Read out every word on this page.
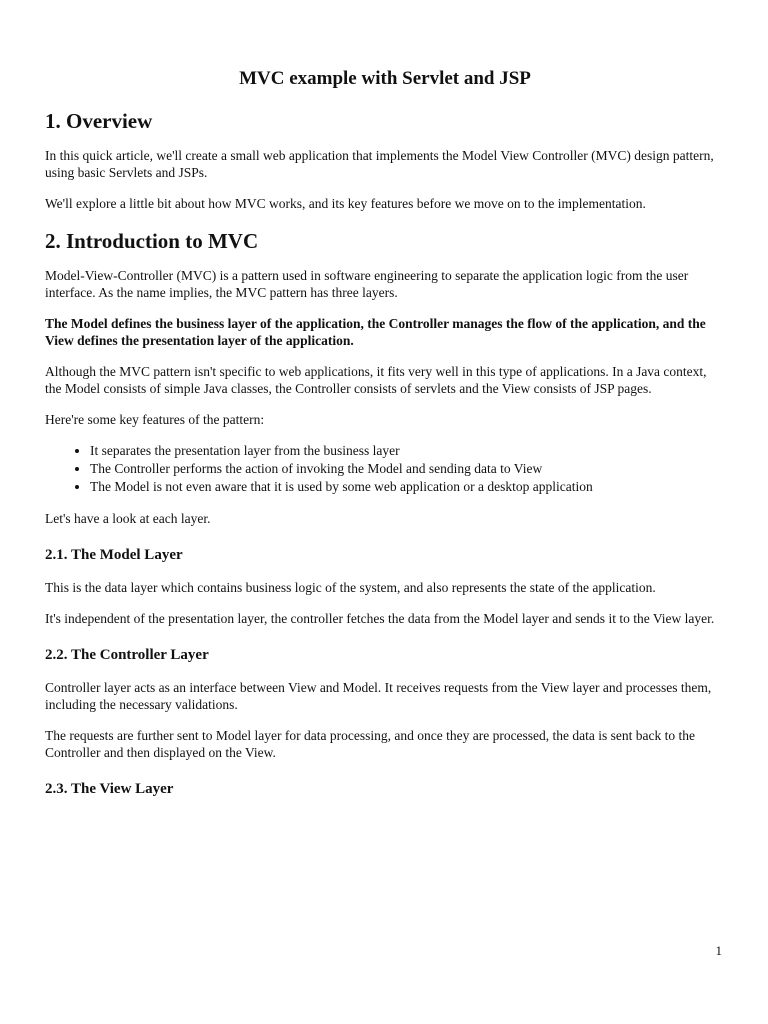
MVC example with Servlet and JSP
1. Overview

In this quick article, we'll create a small web application that implements the Model View Controller (MVC) design pattern, using basic Servlets and JSPs.

We'll explore a little bit about how MVC works, and its key features before we move on to the implementation.

2. Introduction to MVC

Model-View-Controller (MVC) is a pattern used in software engineering to separate the application logic from the user interface. As the name implies, the MVC pattern has three layers.

The Model defines the business layer of the application, the Controller manages the flow of the application, and the View defines the presentation layer of the application.

Although the MVC pattern isn't specific to web applications, it fits very well in this type of applications. In a Java context, the Model consists of simple Java classes, the Controller consists of servlets and the View consists of JSP pages.

Here're some key features of the pattern:

• It separates the presentation layer from the business layer
• The Controller performs the action of invoking the Model and sending data to View
• The Model is not even aware that it is used by some web application or a desktop application

Let's have a look at each layer.

2.1. The Model Layer

This is the data layer which contains business logic of the system, and also represents the state of the application.

It's independent of the presentation layer, the controller fetches the data from the Model layer and sends it to the View layer.

2.2. The Controller Layer

Controller layer acts as an interface between View and Model. It receives requests from the View layer and processes them, including the necessary validations.

The requests are further sent to Model layer for data processing, and once they are processed, the data is sent back to the Controller and then displayed on the View.

2.3. The View Layer
1
